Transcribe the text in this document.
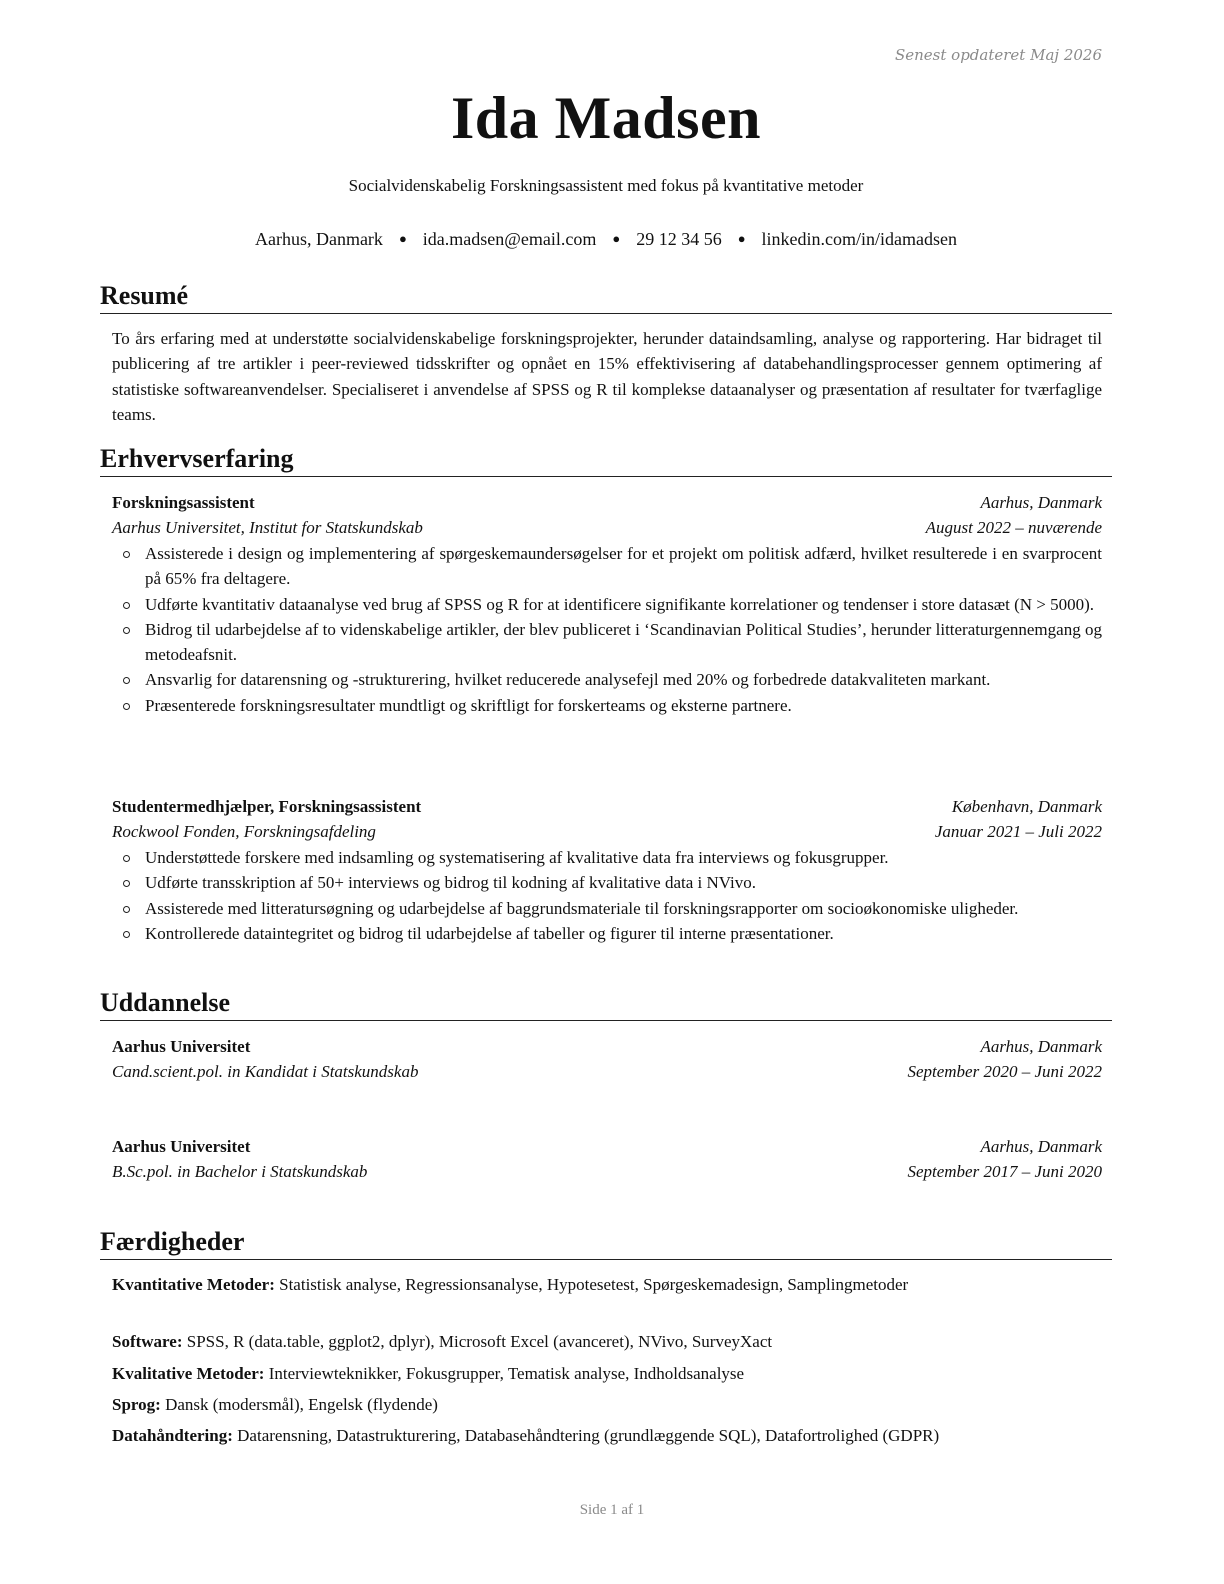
Senest opdateret Maj 2026
Ida Madsen
Socialvidenskabelig Forskningsassistent med fokus på kvantitative metoder
Aarhus, Danmark ● ida.madsen@email.com ● 29 12 34 56 ● linkedin.com/in/idamadsen
Resumé
To års erfaring med at understøtte socialvidenskabelige forskningsprojekter, herunder dataindsamling, analyse og rapportering. Har bidraget til publicering af tre artikler i peer-reviewed tidsskrifter og opnået en 15% effektivisering af databehandlingsprocesser gennem optimering af statistiske softwareanvendelser. Specialiseret i anvendelse af SPSS og R til komplekse dataanalyser og præsentation af resultater for tværfaglige teams.
Erhvervserfaring
Forskningsassistent	Aarhus, Danmark
Aarhus Universitet, Institut for Statskundskab	August 2022 – nuværende
Assisterede i design og implementering af spørgeskemaundersøgelser for et projekt om politisk adfærd, hvilket resulterede i en svarprocent på 65% fra deltagere.
Udførte kvantitativ dataanalyse ved brug af SPSS og R for at identificere signifikante korrelationer og tendenser i store datasæt (N > 5000).
Bidrog til udarbejdelse af to videnskabelige artikler, der blev publiceret i ‘Scandinavian Political Studies’, herunder litteraturgennemgang og metodeafsnit.
Ansvarlig for datarensning og -strukturering, hvilket reducerede analysefejl med 20% og forbedrede datakvaliteten markant.
Præsenterede forskningsresultater mundtligt og skriftligt for forskerteams og eksterne partnere.
Studentermedhjælper, Forskningsassistent	København, Danmark
Rockwool Fonden, Forskningsafdeling	Januar 2021 – Juli 2022
Understøttede forskere med indsamling og systematisering af kvalitative data fra interviews og fokusgrupper.
Udførte transskription af 50+ interviews og bidrog til kodning af kvalitative data i NVivo.
Assisterede med litteratursøgning og udarbejdelse af baggrundsmateriale til forskningsrapporter om socioøkonomiske uligheder.
Kontrollerede dataintegritet og bidrog til udarbejdelse af tabeller og figurer til interne præsentationer.
Uddannelse
Aarhus Universitet	Aarhus, Danmark
Cand.scient.pol. in Kandidat i Statskundskab	September 2020 – Juni 2022
Aarhus Universitet	Aarhus, Danmark
B.Sc.pol. in Bachelor i Statskundskab	September 2017 – Juni 2020
Færdigheder
Kvantitative Metoder: Statistisk analyse, Regressionsanalyse, Hypotesetest, Spørgeskemadesign, Samplingmetoder
Software: SPSS, R (data.table, ggplot2, dplyr), Microsoft Excel (avanceret), NVivo, SurveyXact
Kvalitative Metoder: Interviewteknikker, Fokusgrupper, Tematisk analyse, Indholdsanalyse
Sprog: Dansk (modersmål), Engelsk (flydende)
Datahåndtering: Datarensning, Datastrukturering, Databasehåndtering (grundlæggende SQL), Datafortrolighed (GDPR)
Side 1 af 1
